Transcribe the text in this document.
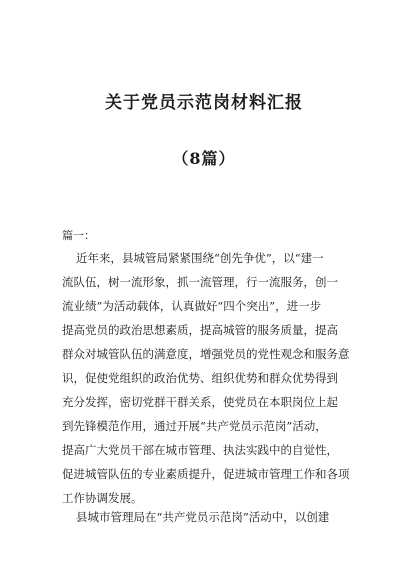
关于党员示范岗材料汇报
（8篇）
篇一：
近年来，县城管局紧紧围绕“创先争优”，以“建一
流队伍，树一流形象，抓一流管理，行一流服务，创一
流业绩”为活动载体，认真做好“四个突出”，进一步
提高党员的政治思想素质，提高城管的服务质量，提高
群众对城管队伍的满意度，增强党员的党性观念和服务意
识，促使党组织的政治优势、组织优势和群众优势得到
充分发挥，密切党群干群关系，使党员在本职岗位上起
到先锋模范作用，通过开展“共产党员示范岗”活动，
提高广大党员干部在城市管理、执法实践中的自觉性，
促进城管队伍的专业素质提升，促进城市管理工作和各项
工作协调发展。
县城市管理局在“共产党员示范岗”活动中，以创建
